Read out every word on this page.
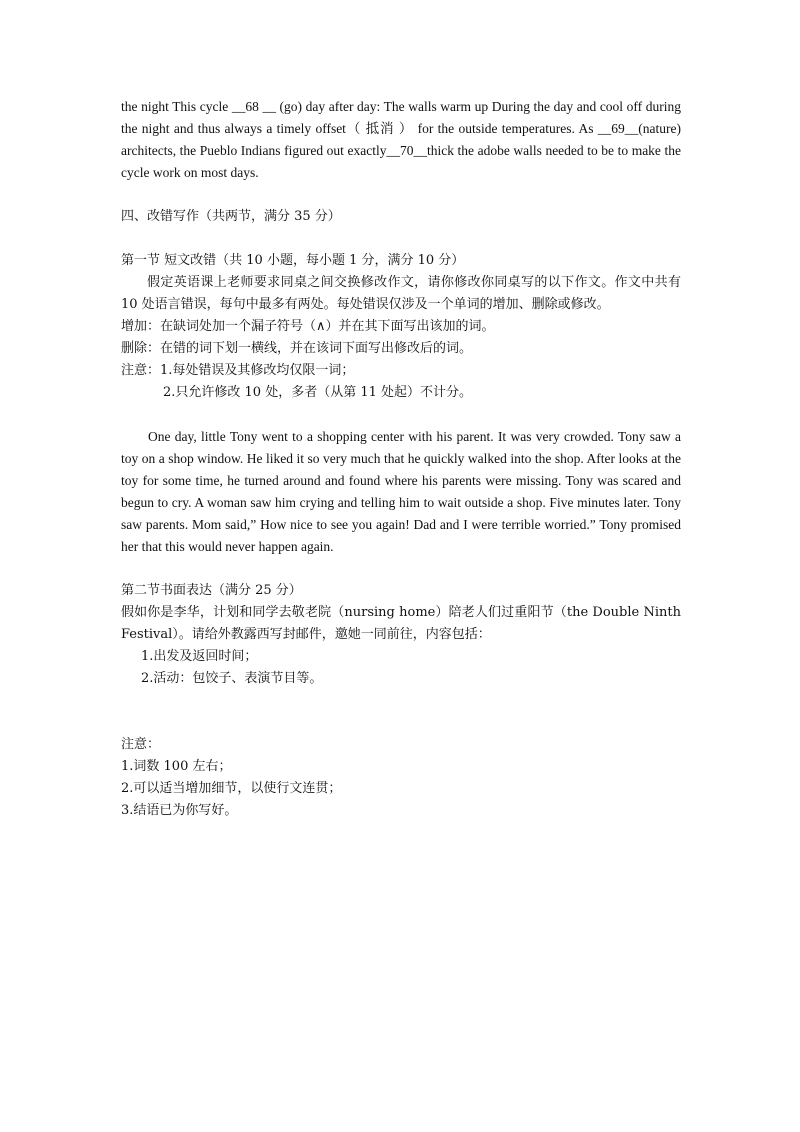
the night This cycle __68 __ (go) day after day: The walls warm up During the day and cool off during the night and thus always a timely offset（ 抵消 ） for the outside temperatures. As __69__(nature) architects, the Pueblo Indians figured out exactly__70__thick the adobe walls needed to be to make the cycle work on most days.

四、改错写作（共两节，满分 35 分）

第一节 短文改错（共 10 小题，每小题 1 分，满分 10 分）

假定英语课上老师要求同桌之间交换修改作文，请你修改你同桌写的以下作文。作文中共有 10 处语言错误，每句中最多有两处。每处错误仅涉及一个单词的增加、删除或修改。

增加：在缺词处加一个漏子符号（∧）并在其下面写出该加的词。

删除：在错的词下划一横线，并在该词下面写出修改后的词。

注意：1.每处错误及其修改均仅限一词；

2.只允许修改 10 处，多者（从第 11 处起）不计分。

One day, little Tony went to a shopping center with his parent. It was very crowded. Tony saw a toy on a shop window. He liked it so very much that he quickly walked into the shop. After looks at the toy for some time, he turned around and found where his parents were missing. Tony was scared and begun to cry. A woman saw him crying and telling him to wait outside a shop. Five minutes later. Tony saw parents. Mom said,” How nice to see you again! Dad and I were terrible worried.” Tony promised her that this would never happen again.

第二节书面表达（满分 25 分）

假如你是李华，计划和同学去敬老院（nursing home）陪老人们过重阳节（the Double Ninth Festival）。请给外教露西写封邮件，邀她一同前往，内容包括：

1.出发及返回时间；

2.活动：包饺子、表演节目等。

注意：

1.词数 100 左右；

2.可以适当增加细节，以使行文连贯；

3.结语已为你写好。
